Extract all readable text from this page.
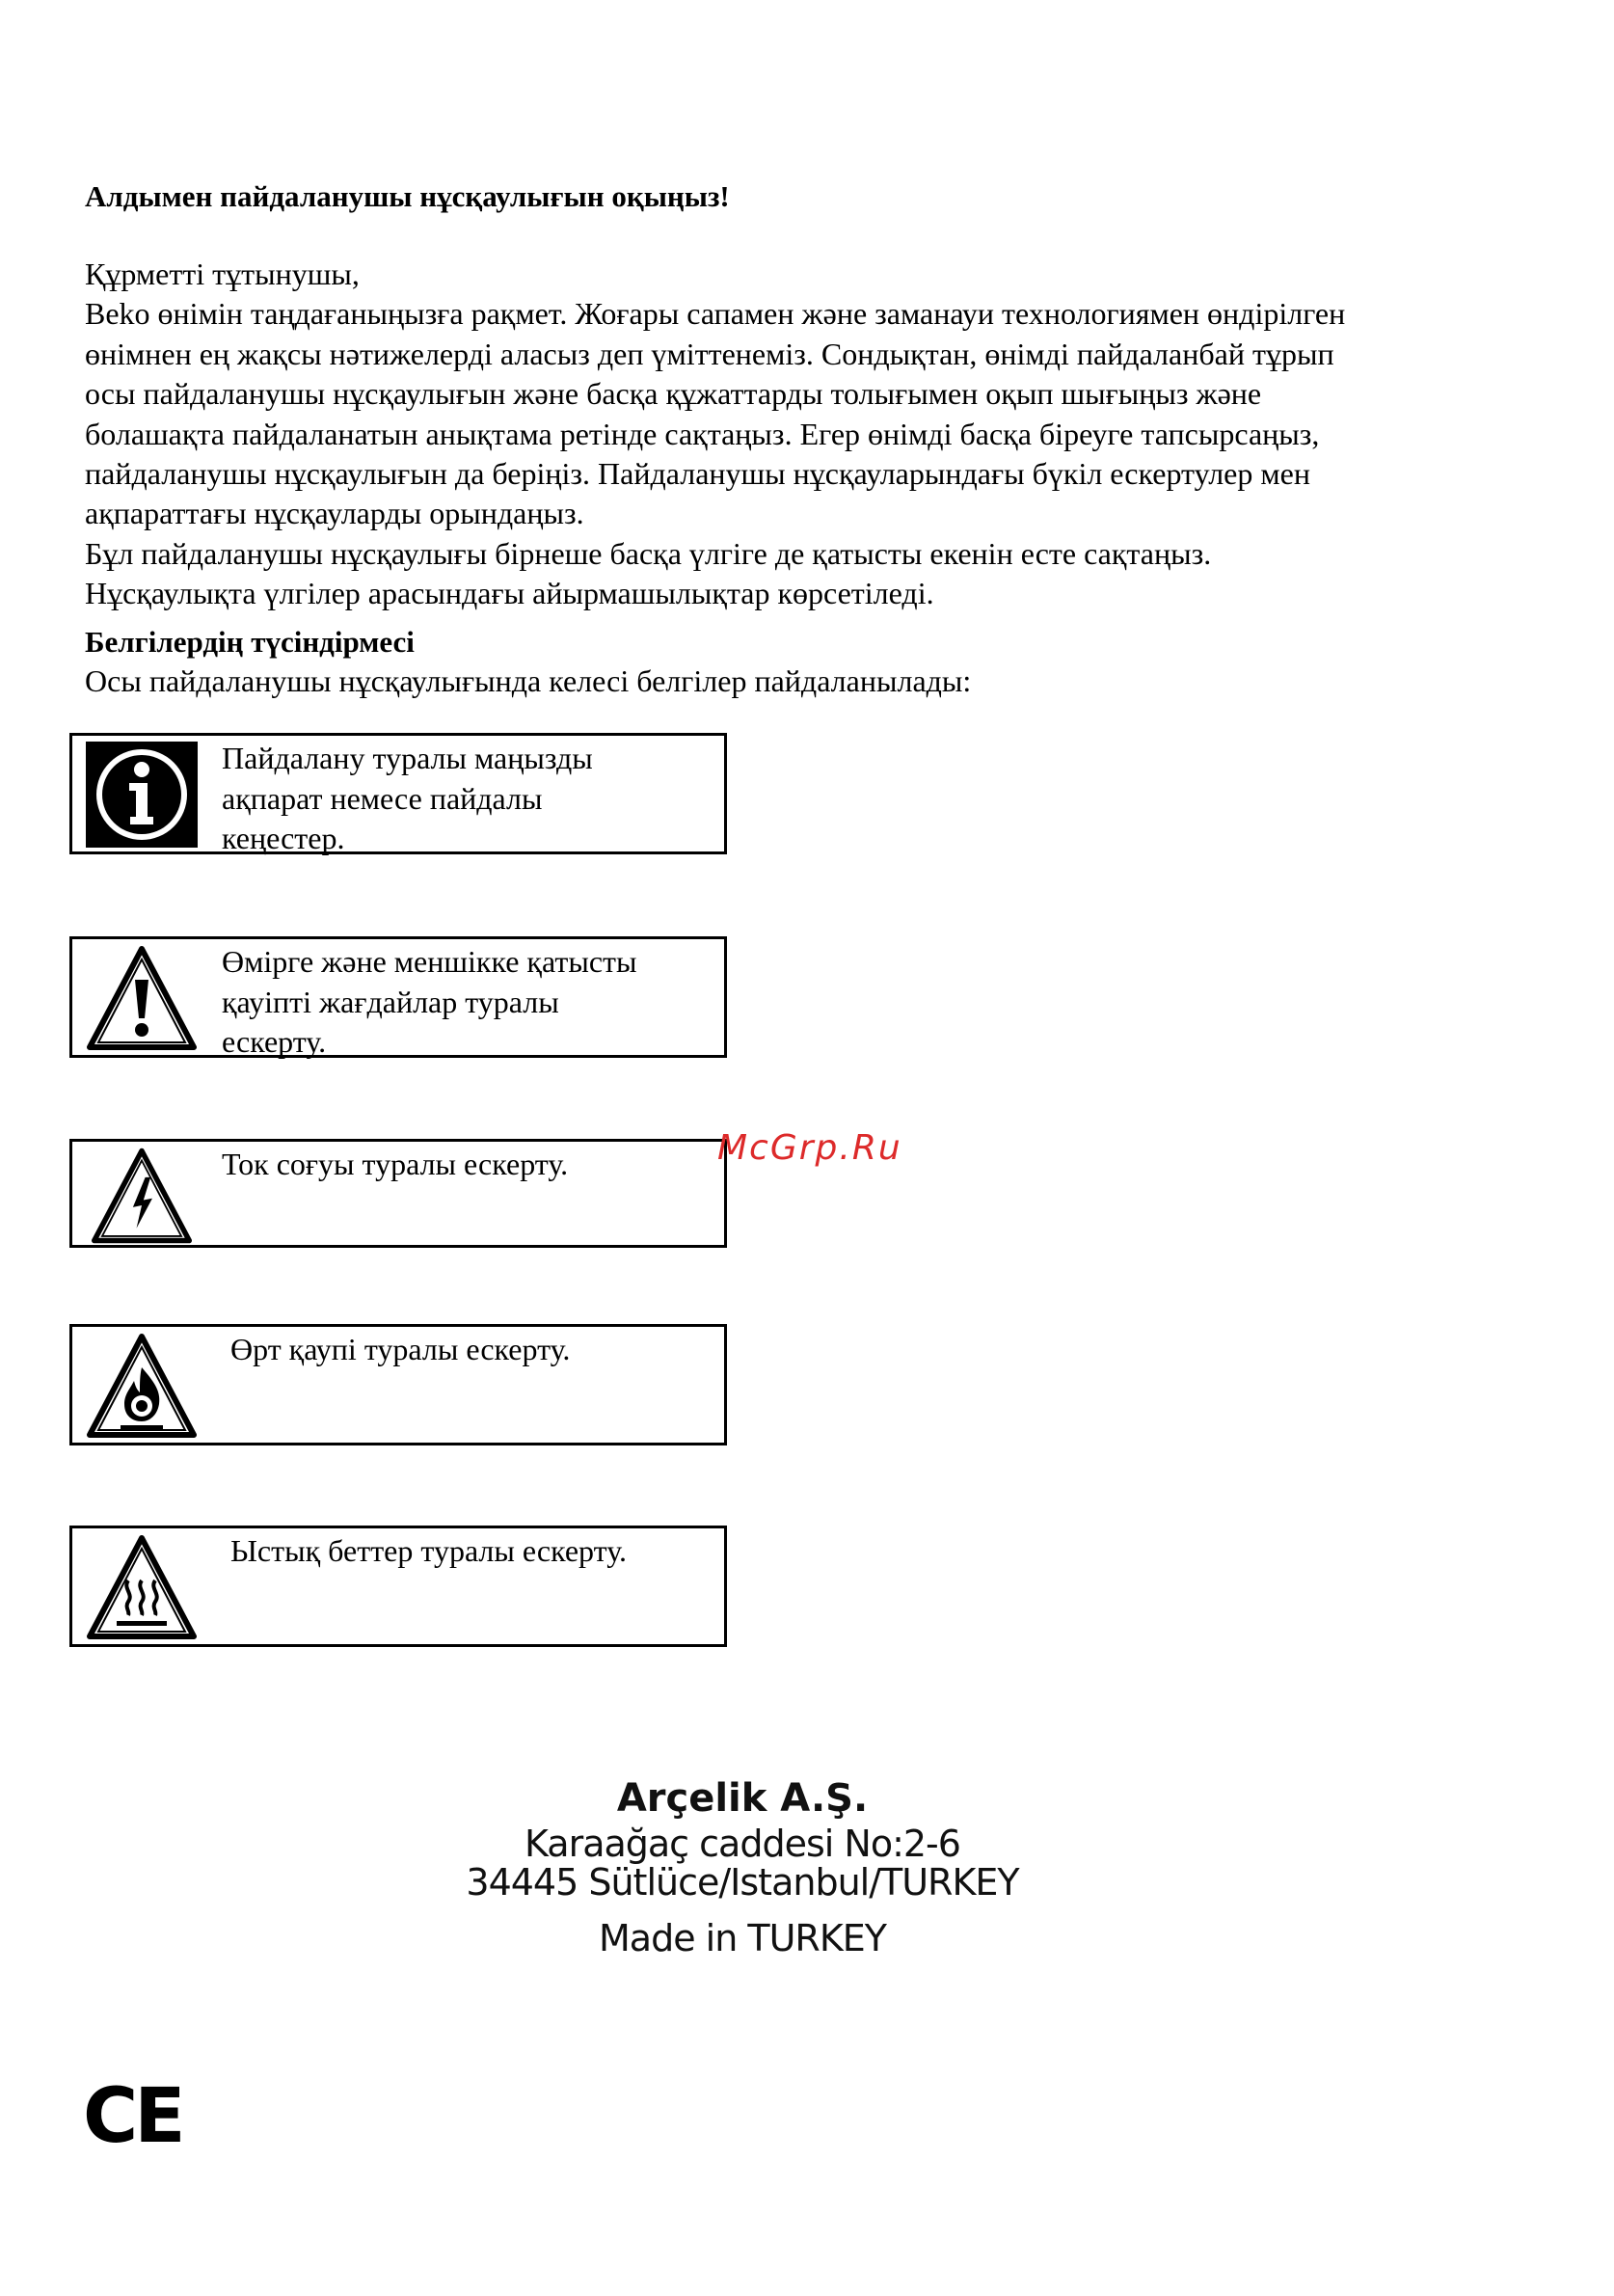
Алдымен пайдаланушы нұсқаулығын оқыңыз!

Құрметті тұтынушы,

Beko өнімін таңдағаныңызға рақмет. Жоғары сапамен және заманауи технологиямен өндірілген

өнімнен ең жақсы нәтижелерді аласыз деп үміттенеміз. Сондықтан, өнімді пайдаланбай тұрып

осы пайдаланушы нұсқаулығын және басқа құжаттарды толығымен оқып шығыңыз және

болашақта пайдаланатын анықтама ретінде сақтаңыз. Егер өнімді басқа біреуге тапсырсаңыз,

пайдаланушы нұсқаулығын да беріңіз. Пайдаланушы нұсқауларындағы бүкіл ескертулер мен

ақпараттағы нұсқауларды орындаңыз.

Бұл пайдаланушы нұсқаулығы бірнеше басқа үлгіге де қатысты екенін есте сақтаңыз.

Нұсқаулықта үлгілер арасындағы айырмашылықтар көрсетіледі.

Белгілердің түсіндірмесі
Осы пайдаланушы нұсқаулығында келесі белгілер пайдаланылады:
Пайдалану туралы маңызды
ақпарат немесе пайдалы
кеңестер.
Өмірге және меншікке қатысты
қауіпті жағдайлар туралы
ескерту.
Ток соғуы туралы ескерту.
Өрт қаупі туралы ескерту.
Ыстық беттер туралы ескерту.
McGrp.Ru
Arçelik A.Ş.
Karaağaç caddesi No:2-6
34445 Sütlüce/Istanbul/TURKEY
Made in TURKEY
CE
